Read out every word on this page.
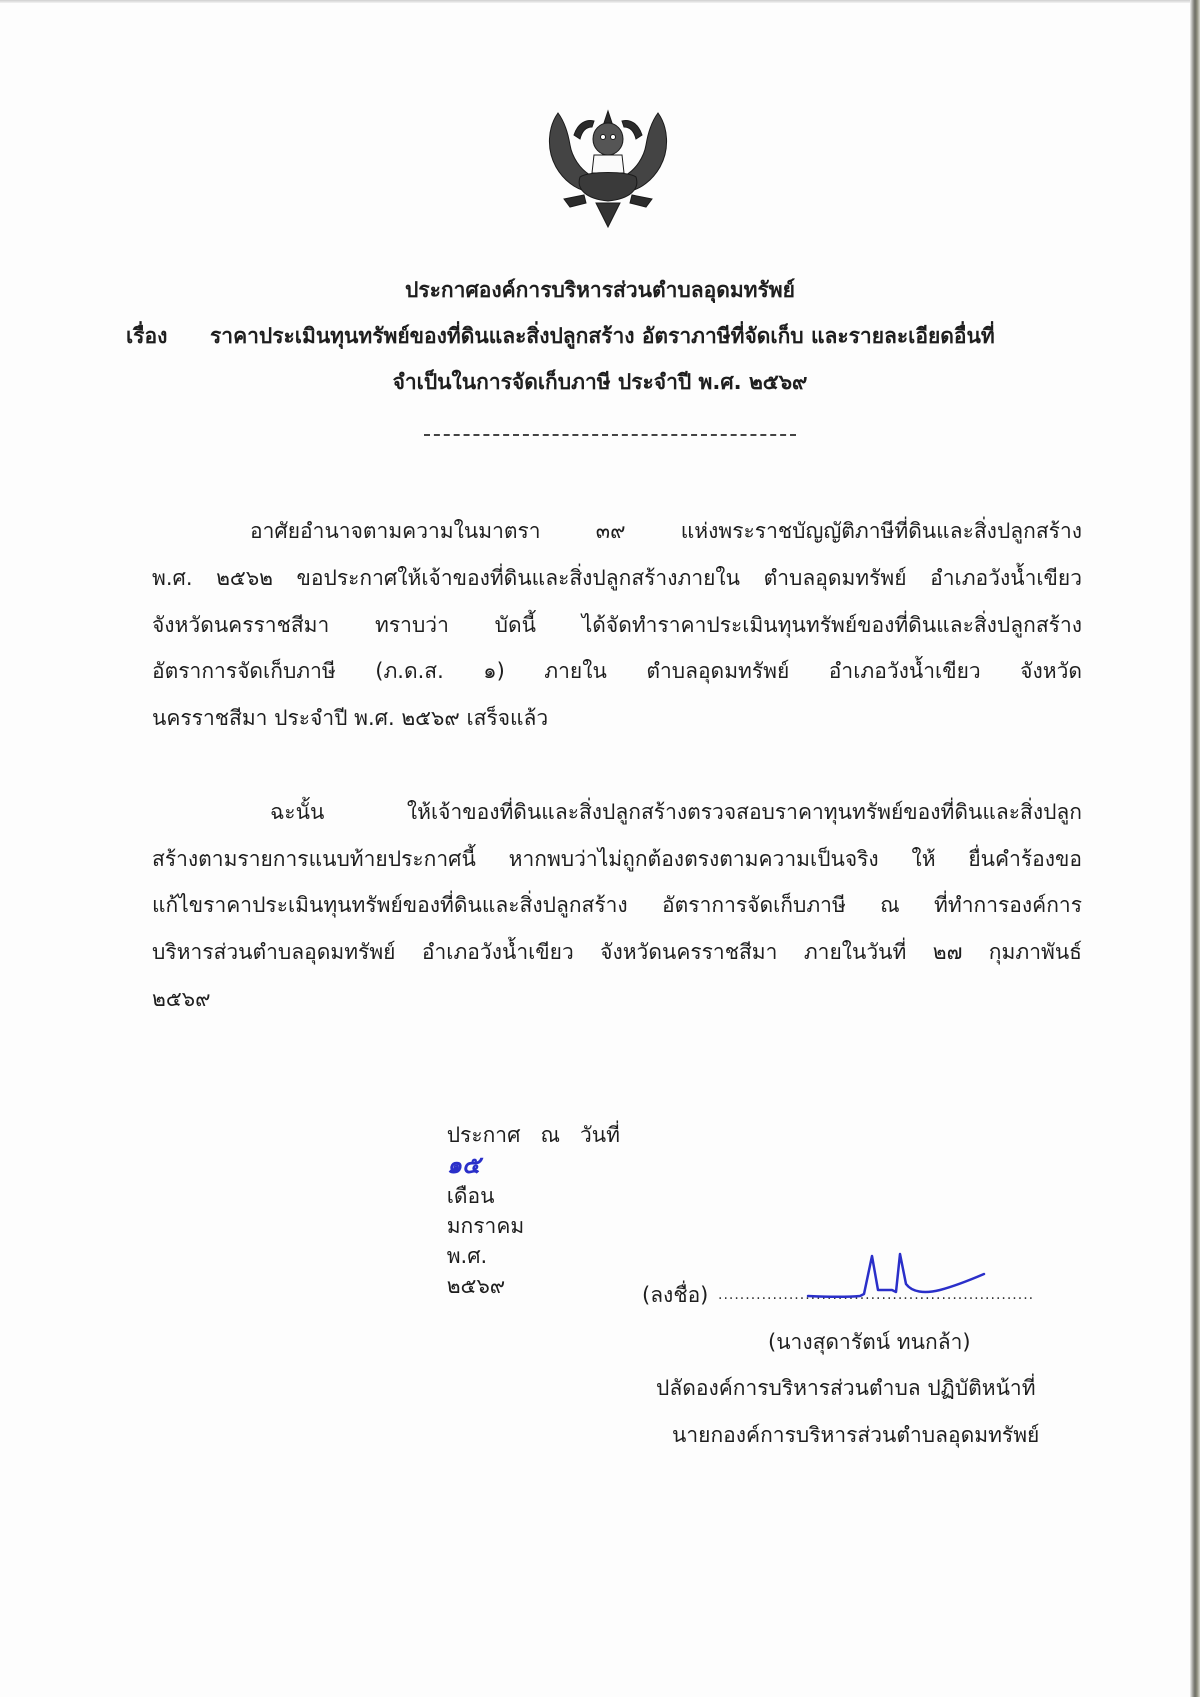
ประกาศองค์การบริหารส่วนตำบลอุดมทรัพย์
เรื่อง ราคาประเมินทุนทรัพย์ของที่ดินและสิ่งปลูกสร้าง อัตราภาษีที่จัดเก็บ และรายละเอียดอื่นที่
จำเป็นในการจัดเก็บภาษี ประจำปี พ.ศ. ๒๕๖๙
อาศัยอำนาจตามความในมาตรา ๓๙ แห่งพระราชบัญญัติภาษีที่ดินและสิ่งปลูกสร้าง
พ.ศ. ๒๕๖๒ ขอประกาศให้เจ้าของที่ดินและสิ่งปลูกสร้างภายใน ตำบลอุดมทรัพย์ อำเภอวังน้ำเขียว
จังหวัดนครราชสีมา ทราบว่า บัดนี้ ได้จัดทำราคาประเมินทุนทรัพย์ของที่ดินและสิ่งปลูกสร้าง
อัตราการจัดเก็บภาษี (ภ.ด.ส. ๑) ภายใน ตำบลอุดมทรัพย์ อำเภอวังน้ำเขียว จังหวัด
นครราชสีมา ประจำปี พ.ศ. ๒๕๖๙ เสร็จแล้ว
ฉะนั้น ให้เจ้าของที่ดินและสิ่งปลูกสร้างตรวจสอบราคาทุนทรัพย์ของที่ดินและสิ่งปลูก
สร้างตามรายการแนบท้ายประกาศนี้ หากพบว่าไม่ถูกต้องตรงตามความเป็นจริง ให้ ยื่นคำร้องขอ
แก้ไขราคาประเมินทุนทรัพย์ของที่ดินและสิ่งปลูกสร้าง อัตราการจัดเก็บภาษี ณ ที่ทำการองค์การ
บริหารส่วนตำบลอุดมทรัพย์ อำเภอวังน้ำเขียว จังหวัดนครราชสีมา ภายในวันที่ ๒๗ กุมภาพันธ์
๒๕๖๙

ประกาศ   ณ   วันที่
๑๕
เดือน
มกราคม
พ.ศ.
๒๕๖๙
	(ลงชื่อ) ..........................................................
(นางสุดารัตน์ ทนกล้า)
ปลัดองค์การบริหารส่วนตำบล ปฏิบัติหน้าที่
นายกองค์การบริหารส่วนตำบลอุดมทรัพย์
